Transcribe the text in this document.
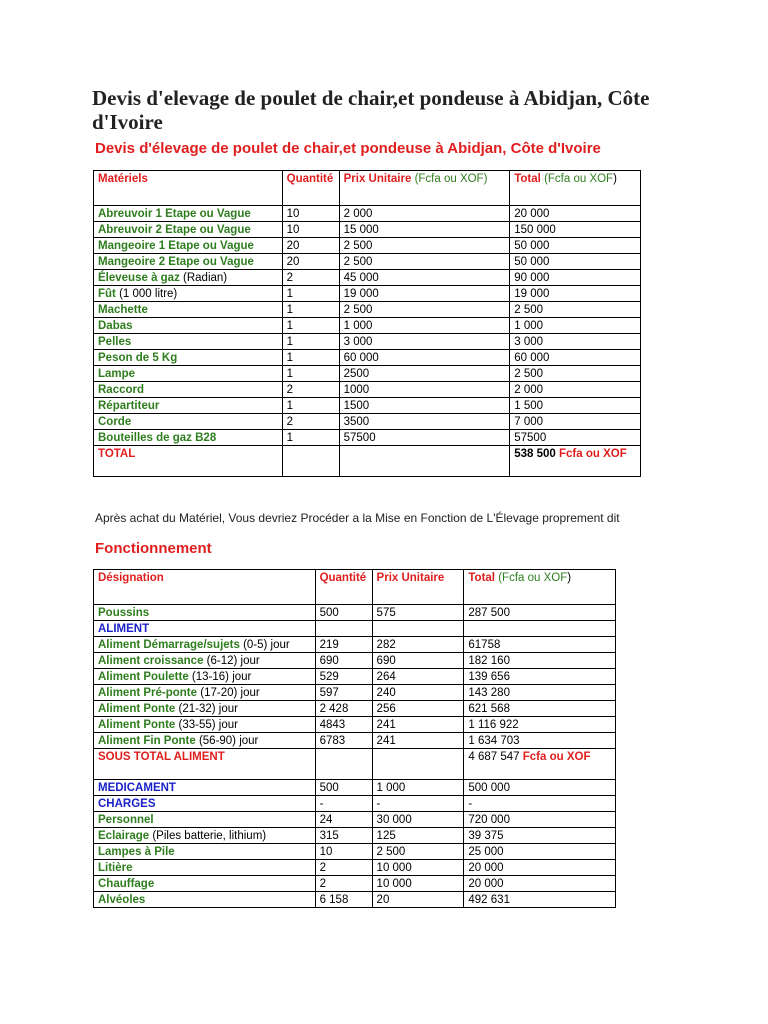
Devis d'elevage de poulet de chair,et pondeuse à Abidjan, Côte d'Ivoire
Devis d'élevage de poulet de chair,et pondeuse à Abidjan, Côte d'Ivoire
Matériels	Quantité	Prix Unitaire (Fcfa ou XOF)	Total (Fcfa ou XOF)
Abreuvoir 1 Etape ou Vague	10	2 000	20 000
Abreuvoir 2 Etape ou Vague	10	15 000	150 000
Mangeoire 1 Etape ou Vague	20	2 500	50 000
Mangeoire 2 Etape ou Vague	20	2 500	50 000
Éleveuse à gaz (Radian)	2	45 000	90 000
Fût (1 000 litre)	1	19 000	19 000
Machette	1	2 500	2 500
Dabas	1	1 000	1 000
Pelles	1	3 000	3 000
Peson de 5 Kg	1	60 000	60 000
Lampe	1	2500	2 500
Raccord	2	1000	2 000
Répartiteur	1	1500	1 500
Corde	2	3500	7 000
Bouteilles de gaz B28	1	57500	57500
TOTAL			538 500 Fcfa ou XOF
Après achat du Matériel, Vous devriez Procéder a la Mise en Fonction de L'Élevage proprement dit
Fonctionnement
Désignation	Quantité	Prix Unitaire	Total (Fcfa ou XOF)
Poussins	500	575	287 500
ALIMENT			
Aliment Démarrage/sujets (0-5) jour	219	282	61758
Aliment croissance (6-12) jour	690	690	182 160
Aliment Poulette (13-16) jour	529	264	139 656
Aliment Pré-ponte (17-20) jour	597	240	143 280
Aliment Ponte (21-32) jour	2 428	256	621 568
Aliment Ponte (33-55) jour	4843	241	1 116 922
Aliment Fin Ponte (56-90) jour	6783	241	1 634 703
SOUS TOTAL ALIMENT			4 687 547 Fcfa ou XOF
MEDICAMENT	500	1 000	500 000
CHARGES	-	-	-
Personnel	24	30 000	720 000
Eclairage (Piles batterie, lithium)	315	125	39 375
Lampes à Pile	10	2 500	25 000
Litière	2	10 000	20 000
Chauffage	2	10 000	20 000
Alvéoles	6 158	20	492 631
